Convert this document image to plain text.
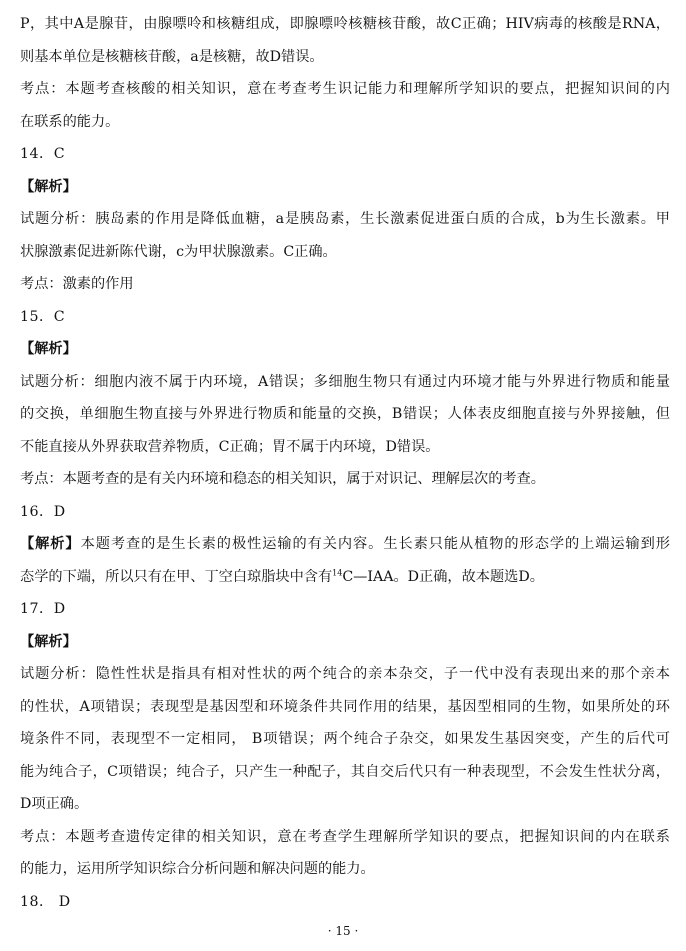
P，其中A是腺苷，由腺嘌呤和核糖组成，即腺嘌呤核糖核苷酸，故C正确；HIV病毒的核酸是RNA，
则基本单位是核糖核苷酸，a是核糖，故D错误。
考点：本题考查核酸的相关知识，意在考查考生识记能力和理解所学知识的要点，把握知识间的内
在联系的能力。
14．C
【解析】
试题分析：胰岛素的作用是降低血糖，a是胰岛素，生长激素促进蛋白质的合成，b为生长激素。甲
状腺激素促进新陈代谢，c为甲状腺激素。C正确。
考点：激素的作用
15．C
【解析】
试题分析：细胞内液不属于内环境，A错误；多细胞生物只有通过内环境才能与外界进行物质和能量
的交换，单细胞生物直接与外界进行物质和能量的交换，B错误；人体表皮细胞直接与外界接触，但
不能直接从外界获取营养物质，C正确；胃不属于内环境，D错误。
考点：本题考查的是有关内环境和稳态的相关知识，属于对识记、理解层次的考查。
16．D
【解析】本题考查的是生长素的极性运输的有关内容。生长素只能从植物的形态学的上端运输到形
态学的下端，所以只有在甲、丁空白琼脂块中含有$^{14}$C—IAA。D正确，故本题选D。
17．D
【解析】
试题分析：隐性性状是指具有相对性状的两个纯合的亲本杂交，子一代中没有表现出来的那个亲本
的性状，A项错误；表现型是基因型和环境条件共同作用的结果，基因型相同的生物，如果所处的环
境条件不同，表现型不一定相同， B项错误；两个纯合子杂交，如果发生基因突变，产生的后代可
能为纯合子，C项错误；纯合子，只产生一种配子，其自交后代只有一种表现型，不会发生性状分离，
D项正确。
考点：本题考查遗传定律的相关知识，意在考查学生理解所学知识的要点，把握知识间的内在联系
的能力，运用所学知识综合分析问题和解决问题的能力。
18． D
· 15 ·
